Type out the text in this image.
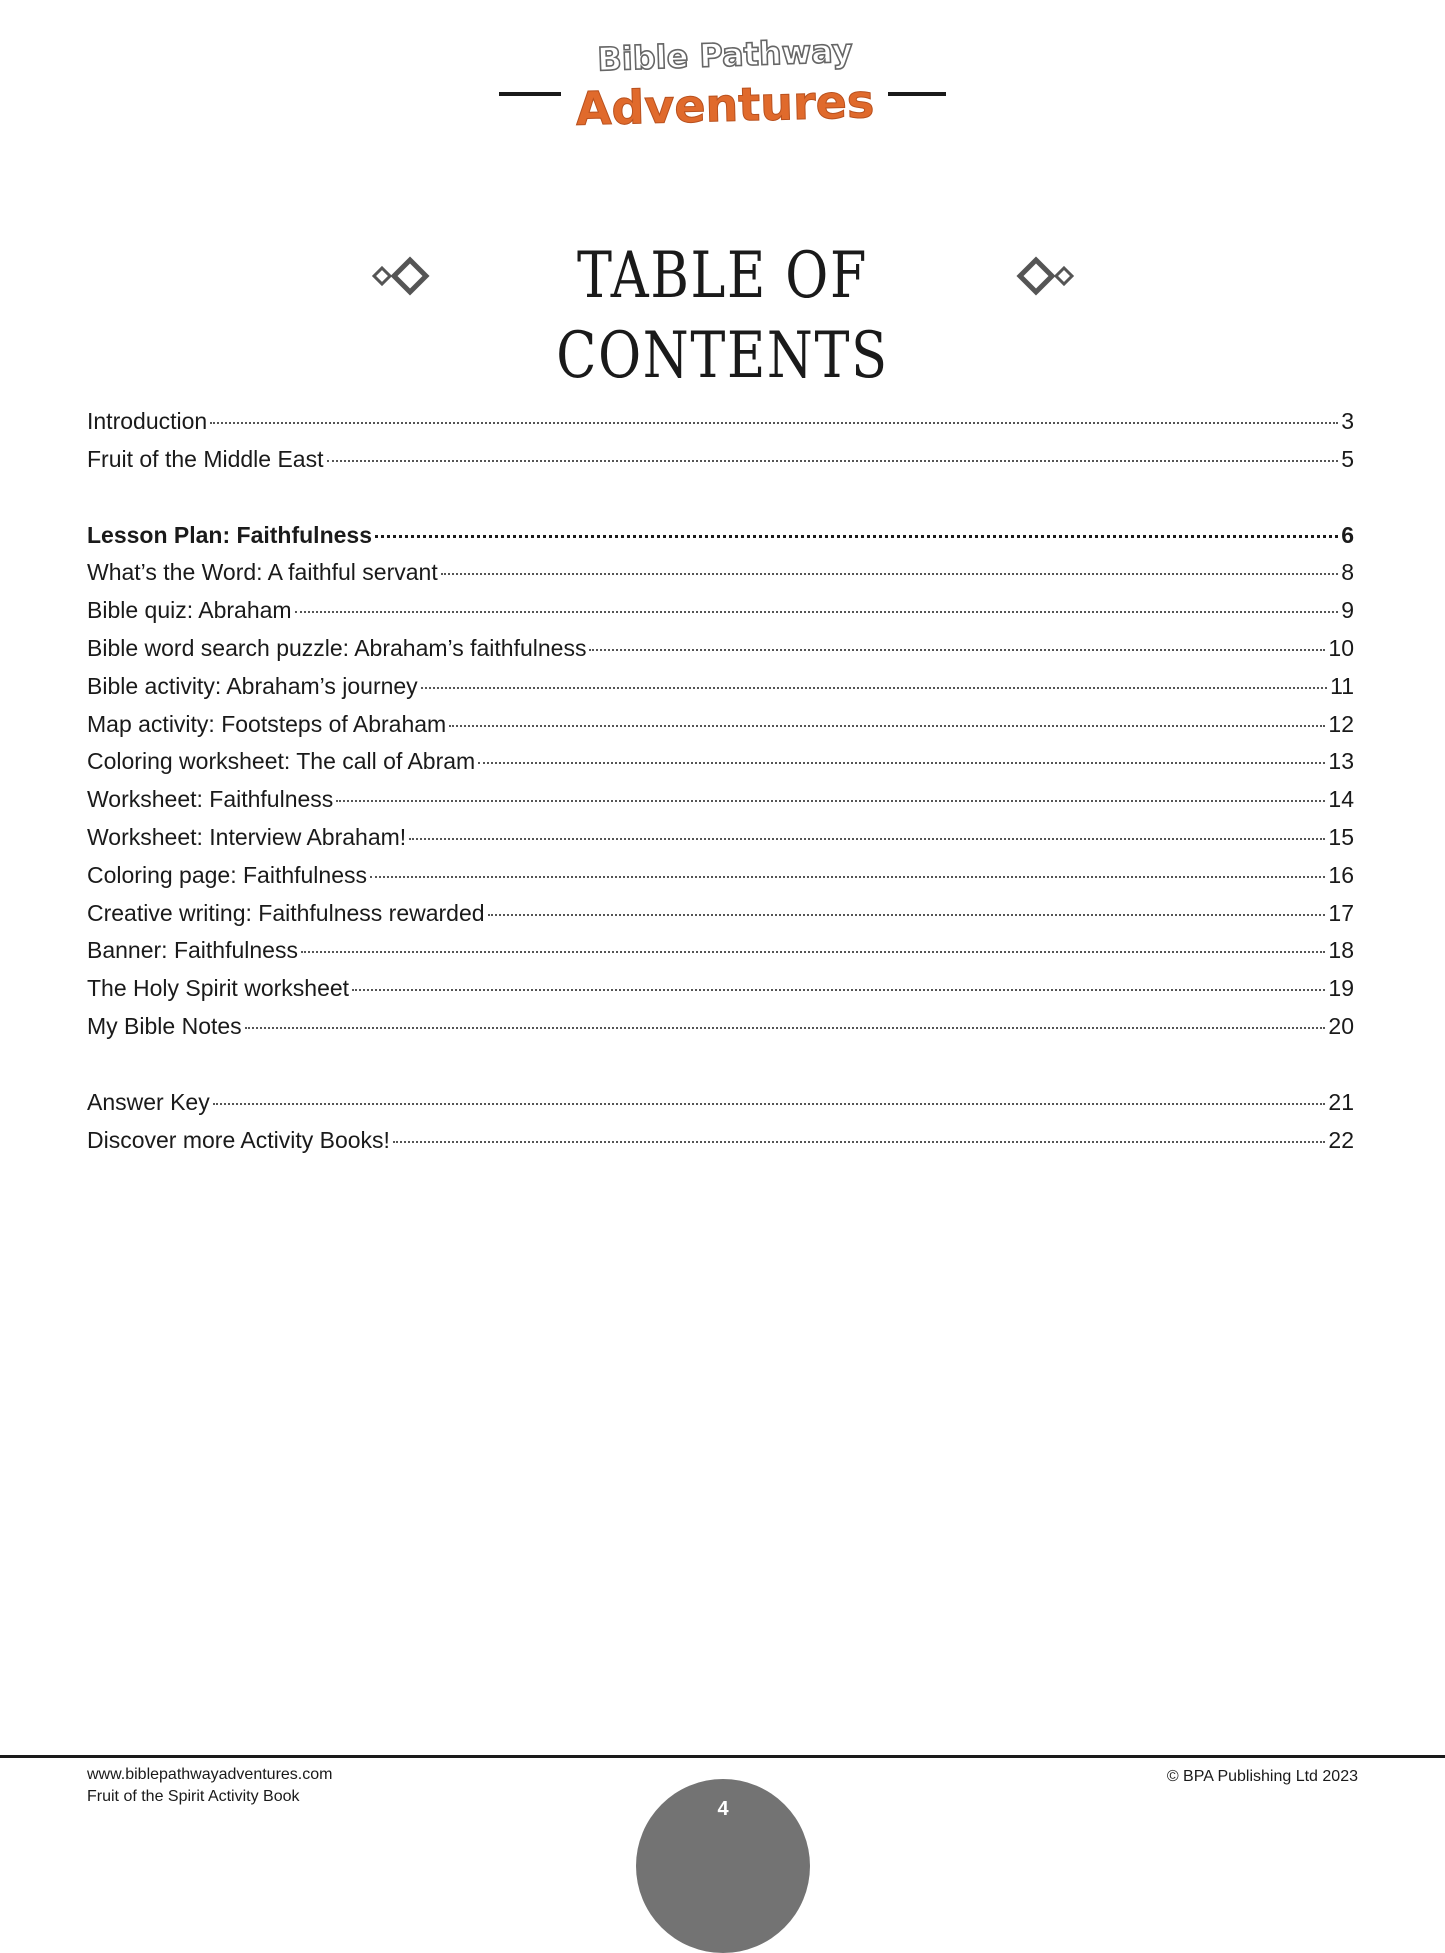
Bible Pathway
Adventures
TABLE OF CONTENTS
Introduction	3
Fruit of the Middle East	5
Lesson Plan: Faithfulness	6
What’s the Word: A faithful servant	8
Bible quiz: Abraham	9
Bible word search puzzle: Abraham’s faithfulness	10
Bible activity: Abraham’s journey	11
Map activity: Footsteps of Abraham	12
Coloring worksheet: The call of Abram	13
Worksheet: Faithfulness	14
Worksheet: Interview Abraham!	15
Coloring page: Faithfulness	16
Creative writing: Faithfulness rewarded	17
Banner: Faithfulness	18
The Holy Spirit worksheet	19
My Bible Notes	20
Answer Key	21
Discover more Activity Books!	22
www.biblepathwayadventures.com
Fruit of the Spirit Activity Book
© BPA Publishing Ltd 2023
4
